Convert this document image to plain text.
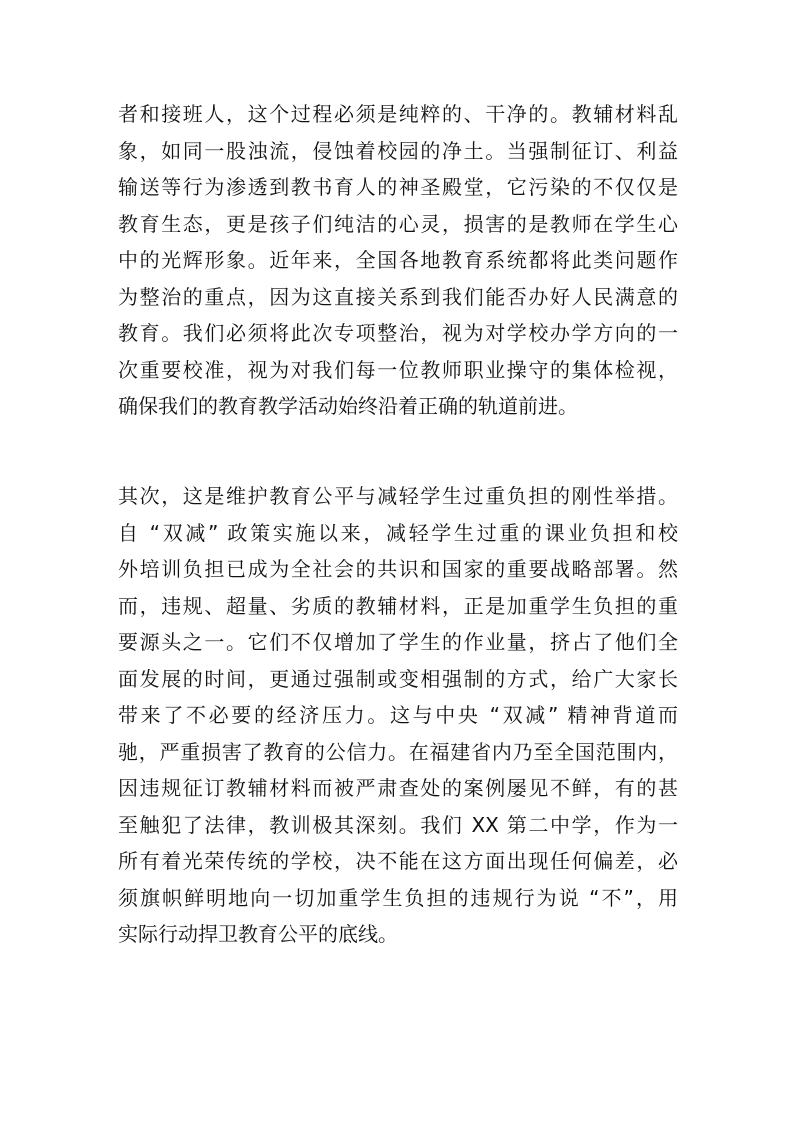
者和接班人，这个过程必须是纯粹的、干净的。教辅材料乱
象，如同一股浊流，侵蚀着校园的净土。当强制征订、利益
输送等行为渗透到教书育人的神圣殿堂，它污染的不仅仅是
教育生态，更是孩子们纯洁的心灵，损害的是教师在学生心
中的光辉形象。近年来，全国各地教育系统都将此类问题作
为整治的重点，因为这直接关系到我们能否办好人民满意的
教育。我们必须将此次专项整治，视为对学校办学方向的一
次重要校准，视为对我们每一位教师职业操守的集体检视，
确保我们的教育教学活动始终沿着正确的轨道前进。
其次，这是维护教育公平与减轻学生过重负担的刚性举措。
自 “双减” 政策实施以来，减轻学生过重的课业负担和校
外培训负担已成为全社会的共识和国家的重要战略部署。然
而，违规、超量、劣质的教辅材料，正是加重学生负担的重
要源头之一。它们不仅增加了学生的作业量，挤占了他们全
面发展的时间，更通过强制或变相强制的方式，给广大家长
带来了不必要的经济压力。这与中央 “双减” 精神背道而
驰，严重损害了教育的公信力。在福建省内乃至全国范围内，
因违规征订教辅材料而被严肃查处的案例屡见不鲜，有的甚
至触犯了法律，教训极其深刻。我们 XX 第二中学，作为一
所有着光荣传统的学校，决不能在这方面出现任何偏差，必
须旗帜鲜明地向一切加重学生负担的违规行为说 “不”，用
实际行动捍卫教育公平的底线。
